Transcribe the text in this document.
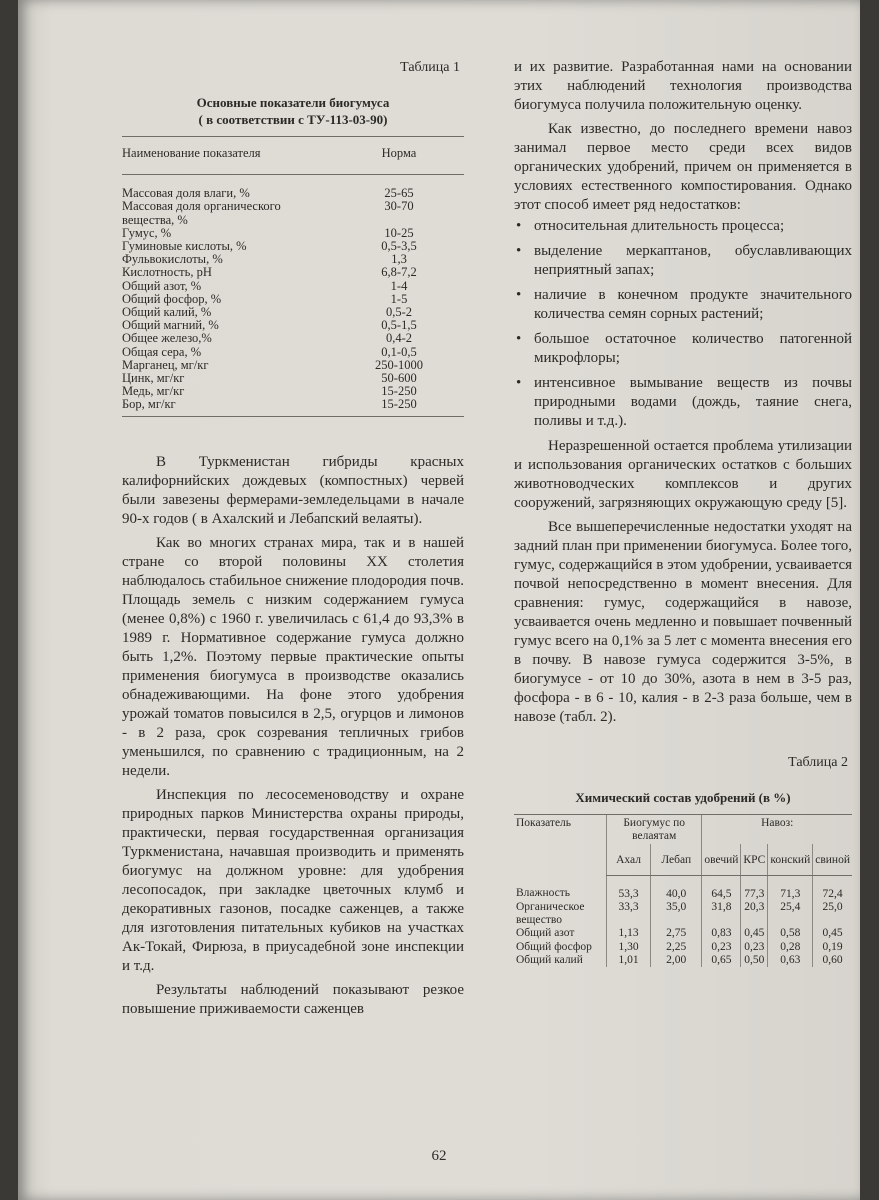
Таблица 1
Основные показатели биогумуса
( в соответствии с ТУ-113-03-90)
Наименование показателя	Норма
Массовая доля влаги, %	25-65
Массовая доля органического вещества, %	30-70
Гумус, %	10-25
Гуминовые кислоты, %	0,5-3,5
Фульвокислоты, %	1,3
Кислотность, рН	6,8-7,2
Общий азот, %	1-4
Общий фосфор, %	1-5
Общий калий, %	0,5-2
Общий магний, %	0,5-1,5
Общее железо,%	0,4-2
Общая сера, %	0,1-0,5
Марганец, мг/кг	250-1000
Цинк, мг/кг	50-600
Медь, мг/кг	15-250
Бор, мг/кг	15-250

В Туркменистан гибриды красных калифорнийских дождевых (компостных) червей были завезены фермерами-земледельцами в начале 90-х годов ( в Ахалский и Лебапский велаяты).

Как во многих странах мира, так и в нашей стране со второй половины XX столетия наблюдалось стабильное снижение плодородия почв. Площадь земель с низким содержанием гумуса (менее 0,8%) с 1960 г. увеличилась с 61,4 до 93,3% в 1989 г. Нормативное содержание гумуса должно быть 1,2%. Поэтому первые практические опыты применения биогумуса в производстве оказались обнадеживающими. На фоне этого удобрения урожай томатов повысился в 2,5, огурцов и лимонов - в 2 раза, срок созревания тепличных грибов уменьшился, по сравнению с традиционным, на 2 недели.

Инспекция по лесосеменоводству и охране природных парков Министерства охраны природы, практически, первая государственная организация Туркменистана, начавшая производить и применять биогумус на должном уровне: для удобрения лесопосадок, при закладке цветочных клумб и декоративных газонов, посадке саженцев, а также для изготовления питательных кубиков на участках Ак-Токай, Фирюза, в приусадебной зоне инспекции и т.д.

Результаты наблюдений показывают резкое повышение приживаемости саженцев

и их развитие. Разработанная нами на основании этих наблюдений технология производства биогумуса получила положительную оценку.

Как известно, до последнего времени навоз занимал первое место среди всех видов органических удобрений, причем он применяется в условиях естественного компостирования. Однако этот способ имеет ряд недостатков:

• относительная длительность процесса;
• выделение меркаптанов, обуславливающих неприятный запах;
• наличие в конечном продукте значительного количества семян сорных растений;
• большое остаточное количество патогенной микрофлоры;
• интенсивное вымывание веществ из почвы природными водами (дождь, таяние снега, поливы и т.д.).

Неразрешенной остается проблема утилизации и использования органических остатков с больших животноводческих комплексов и других сооружений, загрязняющих окружающую среду [5].

Все вышеперечисленные недостатки уходят на задний план при применении биогумуса. Более того, гумус, содержащийся в этом удобрении, усваивается почвой непосредственно в момент внесения. Для сравнения: гумус, содержащийся в навозе, усваивается очень медленно и повышает почвенный гумус всего на 0,1% за 5 лет с момента внесения его в почву. В навозе гумуса содержится 3-5%, в биогумусе - от 10 до 30%, азота в нем в 3-5 раз, фосфора - в 6 - 10, калия - в 2-3 раза больше, чем в навозе (табл. 2).

Таблица 2
Химический состав удобрений (в %)
Показатель	Биогумус по велаятам		Навоз:			
	Ахал	Лебап	овечий	КРС	конский	свиной
Влажность	53,3	40,0	64,5	77,3	71,3	72,4
Органическое вещество	33,3	35,0	31,8	20,3	25,4	25,0
Общий азот	1,13	2,75	0,83	0,45	0,58	0,45
Общий фосфор	1,30	2,25	0,23	0,23	0,28	0,19
Общий калий	1,01	2,00	0,65	0,50	0,63	0,60
62
